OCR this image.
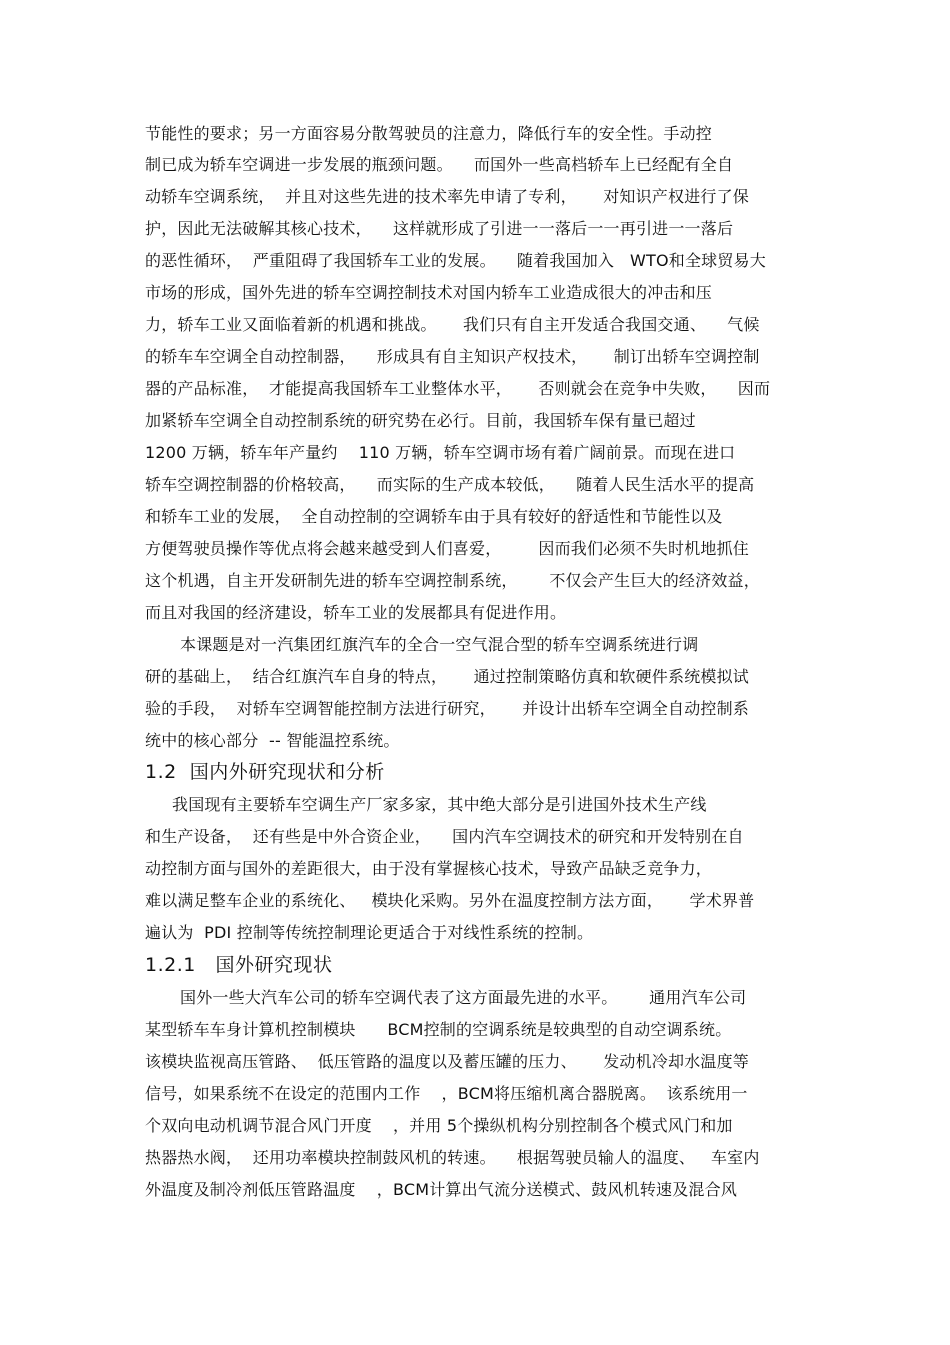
节能性的要求；另一方面容易分散驾驶员的注意力，降低行车的安全性。手动控
制已成为轿车空调进一步发展的瓶颈问题。    而国外一些高档轿车上已经配有全自
动轿车空调系统，  并且对这些先进的技术率先申请了专利，     对知识产权进行了保
护，因此无法破解其核心技术，    这样就形成了引进一一落后一一再引进一一落后
的恶性循环，  严重阻碍了我国轿车工业的发展。    随着我国加入   WTO和全球贸易大
市场的形成，国外先进的轿车空调控制技术对国内轿车工业造成很大的冲击和压
力，轿车工业又面临着新的机遇和挑战。     我们只有自主开发适合我国交通、    气候
的轿车车空调全自动控制器，    形成具有自主知识产权技术，     制订出轿车空调控制
器的产品标准，  才能提高我国轿车工业整体水平，     否则就会在竞争中失败，    因而
加紧轿车空调全自动控制系统的研究势在必行。目前，我国轿车保有量已超过
1200 万辆，轿车年产量约    110 万辆，轿车空调市场有着广阔前景。而现在进口
轿车空调控制器的价格较高，    而实际的生产成本较低，    随着人民生活水平的提高
和轿车工业的发展，  全自动控制的空调轿车由于具有较好的舒适性和节能性以及
方便驾驶员操作等优点将会越来越受到人们喜爱，       因而我们必须不失时机地抓住
这个机遇，自主开发研制先进的轿车空调控制系统，      不仅会产生巨大的经济效益，
而且对我国的经济建设，轿车工业的发展都具有促进作用。
本课题是对一汽集团红旗汽车的全合一空气混合型的轿车空调系统进行调
研的基础上，  结合红旗汽车自身的特点，     通过控制策略仿真和软硬件系统模拟试
验的手段，  对轿车空调智能控制方法进行研究，     并设计出轿车空调全自动控制系
统中的核心部分  -- 智能温控系统。
1.2  国内外研究现状和分析
我国现有主要轿车空调生产厂家多家，其中绝大部分是引进国外技术生产线
和生产设备，  还有些是中外合资企业，    国内汽车空调技术的研究和开发特别在自
动控制方面与国外的差距很大，由于没有掌握核心技术，导致产品缺乏竞争力，
难以满足整车企业的系统化、   模块化采购。另外在温度控制方法方面，     学术界普
遍认为  PDI 控制等传统控制理论更适合于对线性系统的控制。
1.2.1   国外研究现状
国外一些大汽车公司的轿车空调代表了这方面最先进的水平。      通用汽车公司
某型轿车车身计算机控制模块      BCM控制的空调系统是较典型的自动空调系统。
该模块监视高压管路、  低压管路的温度以及蓄压罐的压力、     发动机冷却水温度等
信号，如果系统不在设定的范围内工作    ，BCM将压缩机离合器脱离。  该系统用一
个双向电动机调节混合风门开度    ，并用 5个操纵机构分别控制各个模式风门和加
热器热水阀，  还用功率模块控制鼓风机的转速。    根据驾驶员输人的温度、   车室内
外温度及制冷剂低压管路温度    ，BCM计算出气流分送模式、鼓风机转速及混合风
